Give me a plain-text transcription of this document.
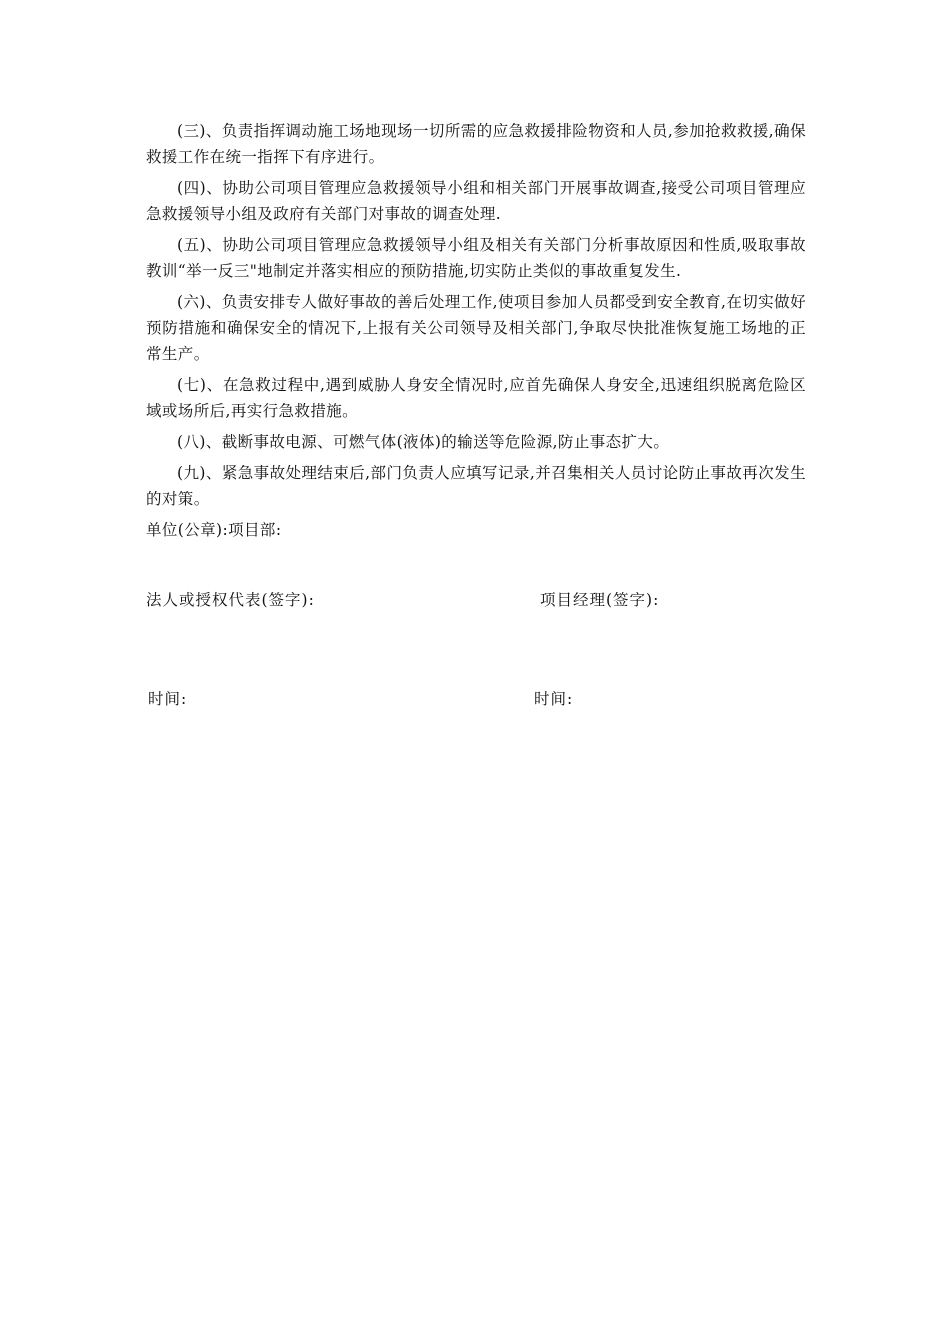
(三)、负责指挥调动施工场地现场一切所需的应急救援排险物资和人员,参加抢救救援,确保救援工作在统一指挥下有序进行。

(四)、协助公司项目管理应急救援领导小组和相关部门开展事故调查,接受公司项目管理应急救援领导小组及政府有关部门对事故的调查处理.

(五)、协助公司项目管理应急救援领导小组及相关有关部门分析事故原因和性质,吸取事故教训“举一反三"地制定并落实相应的预防措施,切实防止类似的事故重复发生.

(六)、负责安排专人做好事故的善后处理工作,使项目参加人员都受到安全教育,在切实做好预防措施和确保安全的情况下,上报有关公司领导及相关部门,争取尽快批准恢复施工场地的正常生产。

(七)、在急救过程中,遇到威胁人身安全情况时,应首先确保人身安全,迅速组织脱离危险区域或场所后,再实行急救措施。

(八)、截断事故电源、可燃气体(液体)的输送等危险源,防止事态扩大。

(九)、紧急事故处理结束后,部门负责人应填写记录,并召集相关人员讨论防止事故再次发生的对策。

单位(公章):项目部:

法人或授权代表(签字):	项目经理(签字):
时间:	时间:
